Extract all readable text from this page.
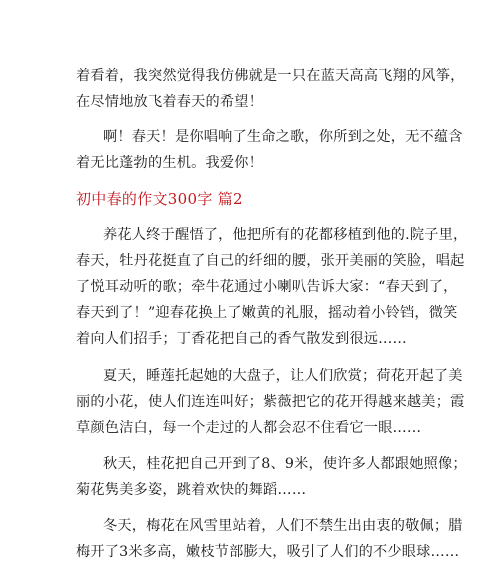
着看着，我突然觉得我仿佛就是一只在蓝天高高飞翔的风筝，
在尽情地放飞着春天的希望！
啊！春天！是你唱响了生命之歌，你所到之处，无不蕴含
着无比蓬勃的生机。我爱你！
初中春的作文300字 篇2
养花人终于醒悟了，他把所有的花都移植到他的.院子里，
春天，牡丹花挺直了自己的纤细的腰，张开美丽的笑脸，唱起
了悦耳动听的歌；牵牛花通过小喇叭告诉大家：“春天到了，
春天到了！”迎春花换上了嫩黄的礼服，摇动着小铃铛，微笑
着向人们招手；丁香花把自己的香气散发到很远……
夏天，睡莲托起她的大盘子，让人们欣赏；荷花开起了美
丽的小花，使人们连连叫好；紫薇把它的花开得越来越美；霞
草颜色洁白，每一个走过的人都会忍不住看它一眼……
秋天，桂花把自己开到了8、9米，使许多人都跟她照像；
菊花隽美多姿，跳着欢快的舞蹈……
冬天，梅花在风雪里站着，人们不禁生出由衷的敬佩；腊
梅开了3米多高，嫩枝节部膨大，吸引了人们的不少眼球……
